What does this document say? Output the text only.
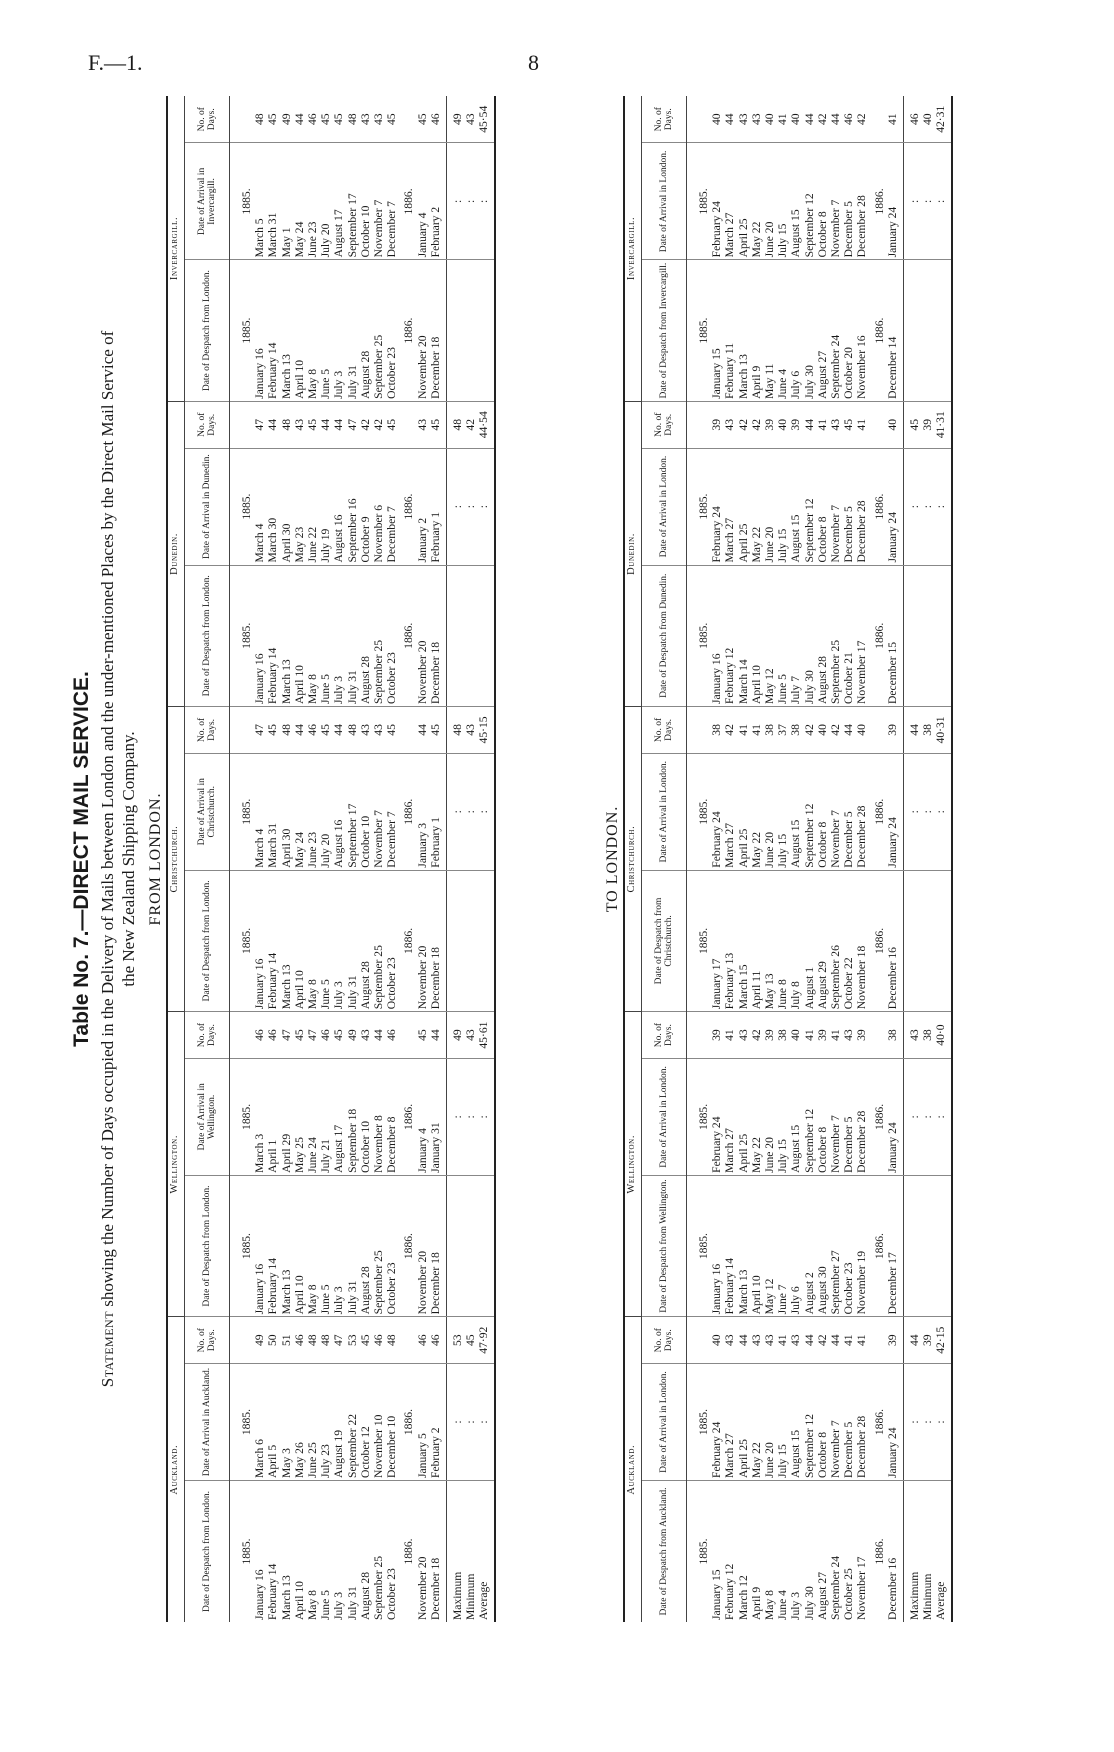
F.—1.	8
Table No. 7.—DIRECT MAIL SERVICE.
Statement showing the Number of Days occupied in the Delivery of Mails between London and the under-mentioned Places by the Direct Mail Service of the New Zealand Shipping Company. FROM LONDON.
Auckland.			Wellington.			Christchurch.			Dunedin.			Invercargill.		
Date of Despatch from London.	Date of Arrival in Auckland.	No. of Days.	Date of Despatch from London.	Date of Arrival in Wellington.	No. of Days.	Date of Despatch from London.	Date of Arrival in Christchurch.	No. of Days.	Date of Despatch from London.	Date of Arrival in Dunedin.	No. of Days.	Date of Despatch from London.	Date of Arrival in Invercargill.	No. of Days.
1885.	1885.		1885.	1885.		1885.	1885.		1885.	1885.		1885.	1885.	
January 16	March 6	49	January 16	March 3	46	January 16	March 4	47	January 16	March 4	47	January 16	March 5	48
February 14	April 5	50	February 14	April 1	46	February 14	March 31	45	February 14	March 30	44	February 14	March 31	45
March 13	May 3	51	March 13	April 29	47	March 13	April 30	48	March 13	April 30	48	March 13	May 1	49
April 10	May 26	46	April 10	May 25	45	April 10	May 24	44	April 10	May 23	43	April 10	May 24	44
May 8	June 25	48	May 8	June 24	47	May 8	June 23	46	May 8	June 22	45	May 8	June 23	46
June 5	July 23	48	June 5	July 21	46	June 5	July 20	45	June 5	July 19	44	June 5	July 20	45
July 3	August 19	47	July 3	August 17	45	July 3	August 16	44	July 3	August 16	44	July 3	August 17	45
July 31	September 22	53	July 31	September 18	49	July 31	September 17	48	July 31	September 16	47	July 31	September 17	48
August 28	October 12	45	August 28	October 10	43	August 28	October 10	43	August 28	October 9	42	August 28	October 10	43
September 25	November 10	46	September 25	November 8	44	September 25	November 7	43	September 25	November 6	42	September 25	November 7	43
October 23	December 10	48	October 23	December 8	46	October 23	December 7	45	October 23	December 7	45	October 23	December 7	45
1886.	1886.		1886.	1886.		1886.	1886.		1886.	1886.		1886.	1886.	
November 20	January 5	46	November 20	January 4	45	November 20	January 3	44	November 20	January 2	43	November 20	January 4	45
December 18	February 2	46	December 18	January 31	44	December 18	February 1	45	December 18	February 1	45	December 18	February 2	46
Maximum	:	53		:	49		:	48		:	48		:	49
Minimum	:	45		:	43		:	43		:	42		:	43
Average	:	47·92		:	45·61		:	45·15		:	44·54		:	45·54
TO LONDON.
Auckland.			Wellington.			Christchurch.			Dunedin.			Invercargill.		
Date of Despatch from Auckland.	Date of Arrival in London.	No. of Days.	Date of Despatch from Wellington.	Date of Arrival in London.	No. of Days.	Date of Despatch from Christchurch.	Date of Arrival in London.	No. of Days.	Date of Despatch from Dunedin.	Date of Arrival in London.	No. of Days.	Date of Despatch from Invercargill.	Date of Arrival in London.	No. of Days.
1885.	1885.		1885.	1885.		1885.	1885.		1885.	1885.		1885.	1885.	
January 15	February 24	40	January 16	February 24	39	January 17	February 24	38	January 16	February 24	39	January 15	February 24	40
February 12	March 27	43	February 14	March 27	41	February 13	March 27	42	February 12	March 27	43	February 11	March 27	44
March 12	April 25	44	March 13	April 25	43	March 15	April 25	41	March 14	April 25	42	March 13	April 25	43
April 9	May 22	43	April 10	May 22	42	April 11	May 22	41	April 10	May 22	42	April 9	May 22	43
May 8	June 20	43	May 12	June 20	39	May 13	June 20	38	May 12	June 20	39	May 11	June 20	40
June 4	July 15	41	June 7	July 15	38	June 8	July 15	37	June 5	July 15	40	June 4	July 15	41
July 3	August 15	43	July 6	August 15	40	July 8	August 15	38	July 7	August 15	39	July 6	August 15	40
July 30	September 12	44	August 2	September 12	41	August 1	September 12	42	July 30	September 12	44	July 30	September 12	44
August 27	October 8	42	August 30	October 8	39	August 29	October 8	40	August 28	October 8	41	August 27	October 8	42
September 24	November 7	44	September 27	November 7	41	September 26	November 7	42	September 25	November 7	43	September 24	November 7	44
October 25	December 5	41	October 23	December 5	43	October 22	December 5	44	October 21	December 5	45	October 20	December 5	46
November 17	December 28	41	November 19	December 28	39	November 18	December 28	40	November 17	December 28	41	November 16	December 28	42
1886.	1886.		1886.	1886.		1886.	1886.		1886.	1886.		1886.	1886.	
December 16	January 24	39	December 17	January 24	38	December 16	January 24	39	December 15	January 24	40	December 14	January 24	41
Maximum	:	44		:	43		:	44		:	45		:	46
Minimum	:	39		:	38		:	38		:	39		:	40
Average	:	42·15		:	40·0		:	40·31		:	41·31		:	42·31
